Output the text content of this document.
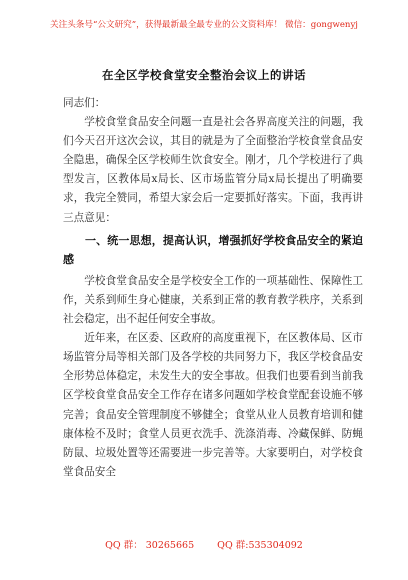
关注头条号“公文研究”，获得最新最全最专业的公文资料库！ 微信：gongwenyj
在全区学校食堂安全整治会议上的讲话

同志们：

学校食堂食品安全问题一直是社会各界高度关注的问题，我们今天召开这次会议，其目的就是为了全面整治学校食堂食品安全隐患，确保全区学校师生饮食安全。刚才，几个学校进行了典型发言，区教体局x局长、区市场监管分局x局长提出了明确要求，我完全赞同，希望大家会后一定要抓好落实。下面，我再讲三点意见：

一、统一思想，提高认识，增强抓好学校食品安全的紧迫感

学校食堂食品安全是学校安全工作的一项基础性、保障性工作，关系到师生身心健康，关系到正常的教育教学秩序，关系到社会稳定，出不起任何安全事故。

近年来，在区委、区政府的高度重视下，在区教体局、区市场监管分局等相关部门及各学校的共同努力下，我区学校食品安全形势总体稳定，未发生大的安全事故。但我们也要看到当前我区学校食堂食品安全工作存在诸多问题如学校食堂配套设施不够完善；食品安全管理制度不够健全；食堂从业人员教育培训和健康体检不及时；食堂人员更衣洗手、洗涤消毒、冷藏保鲜、防蝇防鼠、垃圾处置等还需要进一步完善等。大家要明白，对学校食堂食品安全

QQ 群： 30265665 QQ 群:535304092
